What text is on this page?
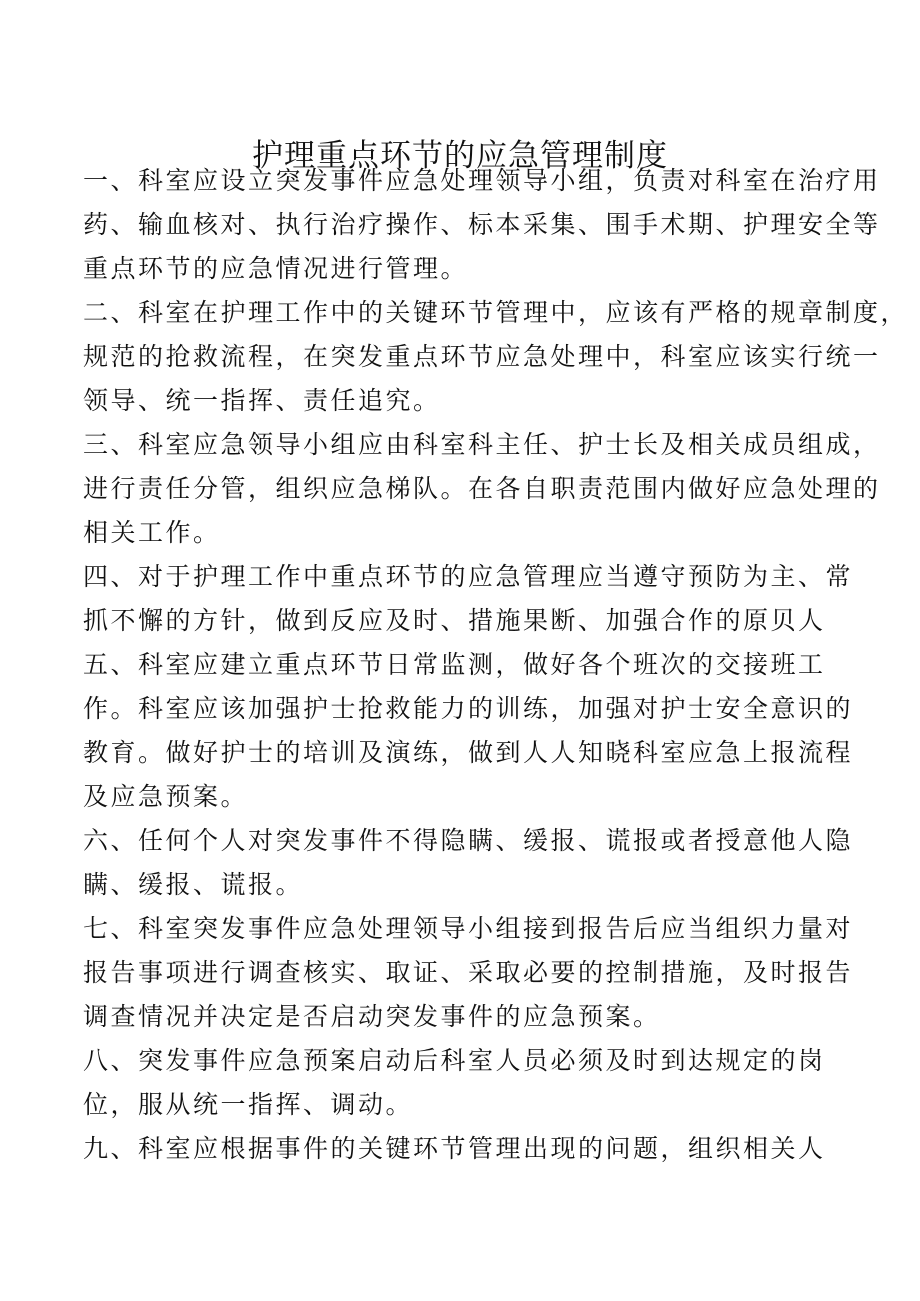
护理重点环节的应急管理制度
一、科室应设立突发事件应急处理领导小组，负责对科室在治疗用
药、输血核对、执行治疗操作、标本采集、围手术期、护理安全等
重点环节的应急情况进行管理。
二、科室在护理工作中的关键环节管理中，应该有严格的规章制度，
规范的抢救流程，在突发重点环节应急处理中，科室应该实行统一
领导、统一指挥、责任追究。
三、科室应急领导小组应由科室科主任、护士长及相关成员组成，
进行责任分管，组织应急梯队。在各自职责范围内做好应急处理的
相关工作。
四、对于护理工作中重点环节的应急管理应当遵守预防为主、常
抓不懈的方针，做到反应及时、措施果断、加强合作的原贝人
五、科室应建立重点环节日常监测，做好各个班次的交接班工
作。科室应该加强护士抢救能力的训练，加强对护士安全意识的
教育。做好护士的培训及演练，做到人人知晓科室应急上报流程
及应急预案。
六、任何个人对突发事件不得隐瞒、缓报、谎报或者授意他人隐
瞒、缓报、谎报。
七、科室突发事件应急处理领导小组接到报告后应当组织力量对
报告事项进行调查核实、取证、采取必要的控制措施，及时报告
调查情况并决定是否启动突发事件的应急预案。
八、突发事件应急预案启动后科室人员必须及时到达规定的岗
位，服从统一指挥、调动。
九、科室应根据事件的关键环节管理出现的问题，组织相关人
